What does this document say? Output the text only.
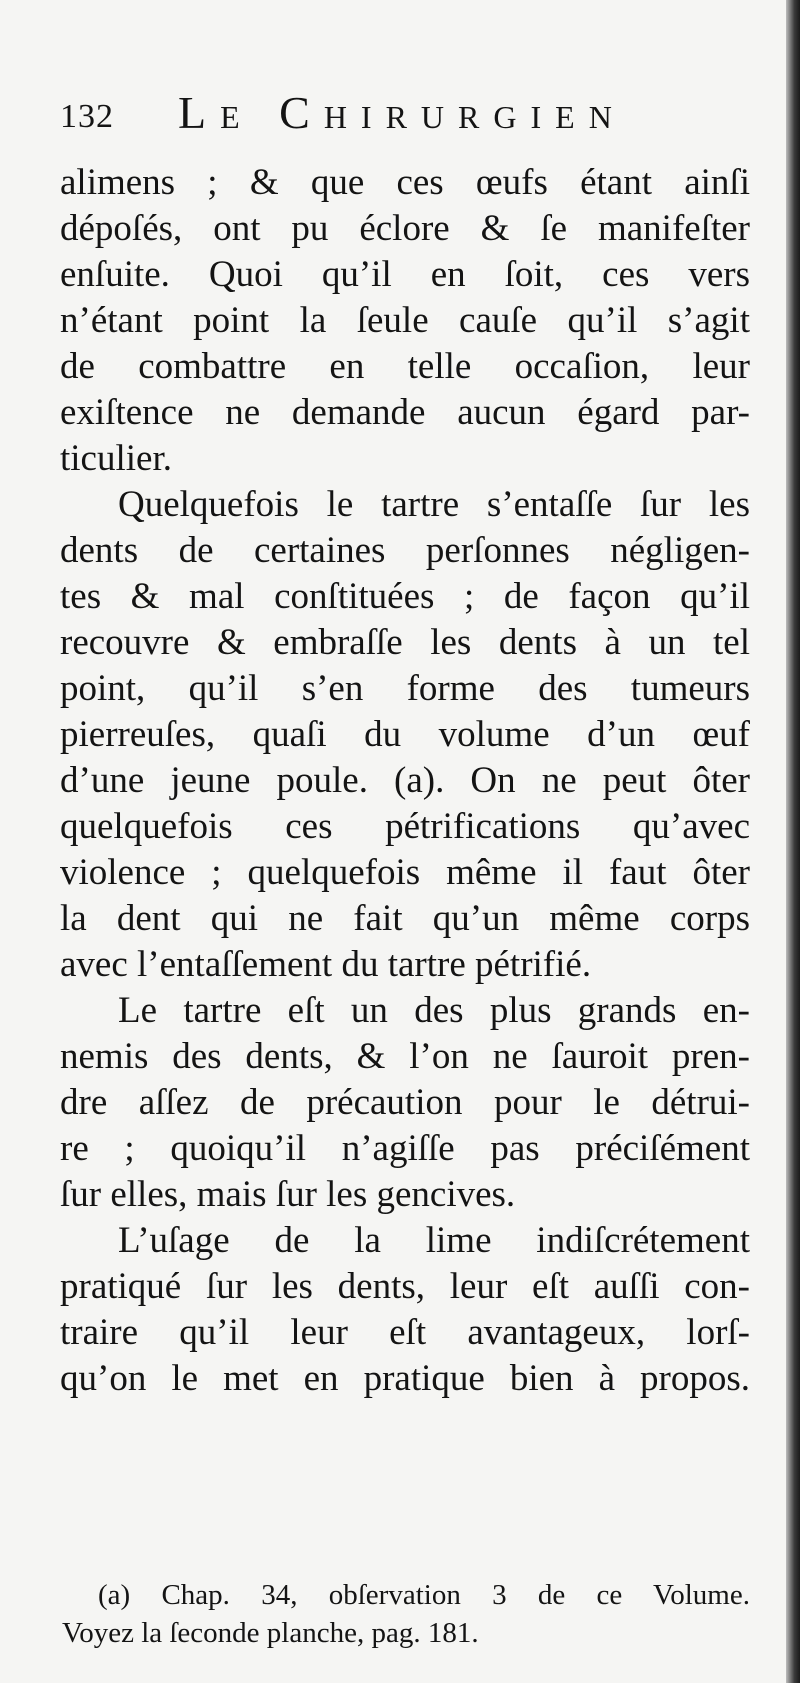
132 Le Chirurgien
alimens ; & que ces œufs étant ainſi
dépoſés, ont pu éclore & ſe manifeſter
enſuite. Quoi qu’il en ſoit, ces vers
n’étant point la ſeule cauſe qu’il s’agit
de combattre en telle occaſion, leur
exiſtence ne demande aucun égard par-
ticulier.
Quelquefois le tartre s’entaſſe ſur les
dents de certaines perſonnes négligen-
tes & mal conſtituées ; de façon qu’il
recouvre & embraſſe les dents à un tel
point, qu’il s’en forme des tumeurs
pierreuſes, quaſi du volume d’un œuf
d’une jeune poule. (a). On ne peut ôter
quelquefois ces pétrifications qu’avec
violence ; quelquefois même il faut ôter
la dent qui ne fait qu’un même corps
avec l’entaſſement du tartre pétrifié.
Le tartre eſt un des plus grands en-
nemis des dents, & l’on ne ſauroit pren-
dre aſſez de précaution pour le détrui-
re ; quoiqu’il n’agiſſe pas préciſément
ſur elles, mais ſur les gencives.
L’uſage de la lime indiſcrétement
pratiqué ſur les dents, leur eſt auſſi con-
traire qu’il leur eſt avantageux, lorſ-
qu’on le met en pratique bien à propos.
(a) Chap. 34, obſervation 3 de ce Volume.
Voyez la ſeconde planche, pag. 181.
